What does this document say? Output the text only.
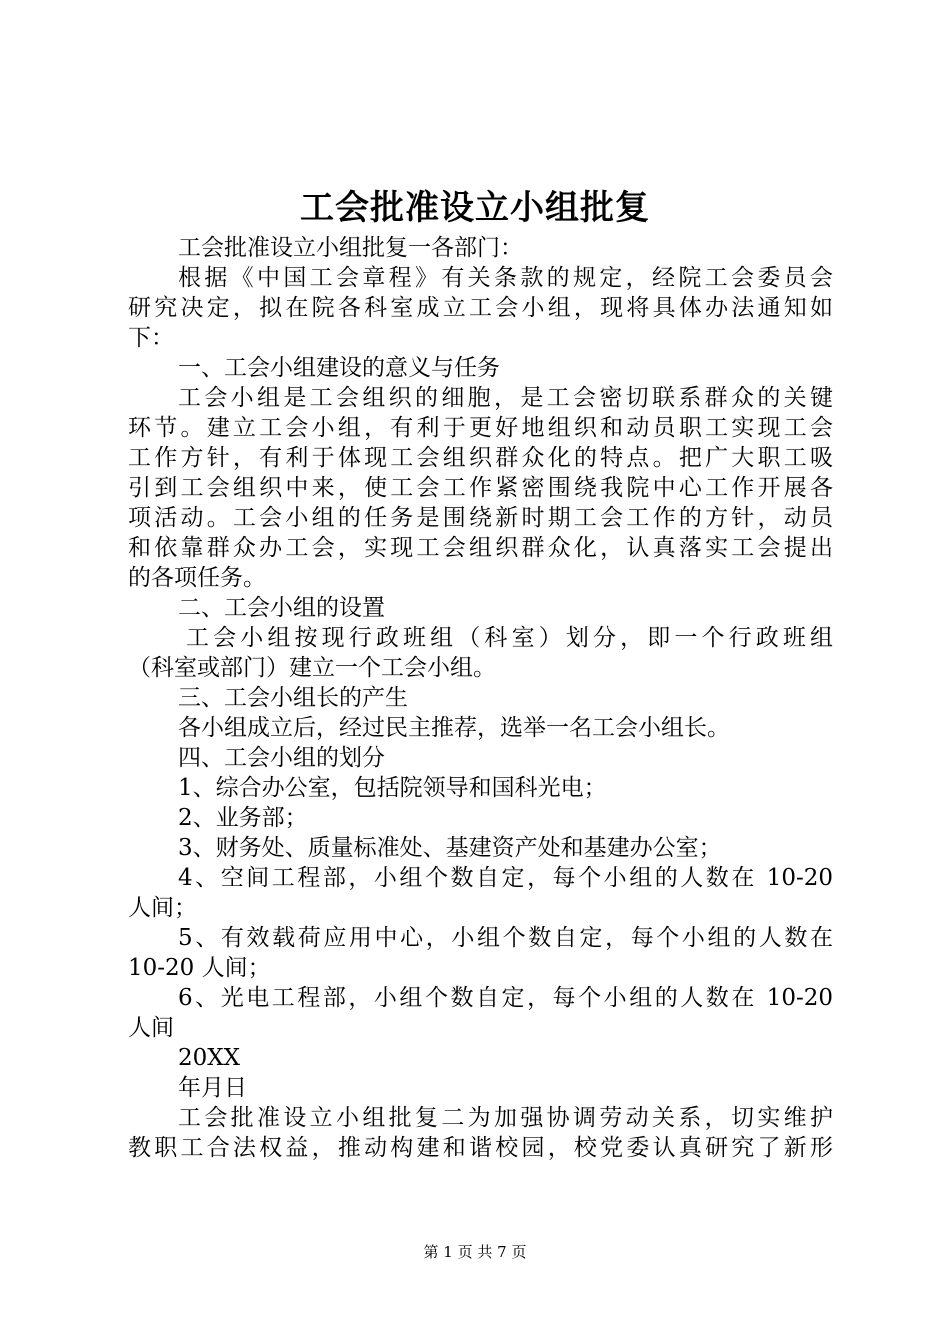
工会批准设立小组批复
工会批准设立小组批复一各部门：
根据《中国工会章程》有关条款的规定，经院工会委员会
研究决定，拟在院各科室成立工会小组，现将具体办法通知如
下：
一、工会小组建设的意义与任务
工会小组是工会组织的细胞，是工会密切联系群众的关键
环节。建立工会小组，有利于更好地组织和动员职工实现工会
工作方针，有利于体现工会组织群众化的特点。把广大职工吸
引到工会组织中来，使工会工作紧密围绕我院中心工作开展各
项活动。工会小组的任务是围绕新时期工会工作的方针，动员
和依靠群众办工会，实现工会组织群众化，认真落实工会提出
的各项任务。
二、工会小组的设置
工会小组按现行政班组（科室）划分，即一个行政班组
（科室或部门）建立一个工会小组。
三、工会小组长的产生
各小组成立后，经过民主推荐，选举一名工会小组长。
四、工会小组的划分
1、综合办公室，包括院领导和国科光电；
2、业务部；
3、财务处、质量标准处、基建资产处和基建办公室；
4、空间工程部，小组个数自定，每个小组的人数在 10-20
人间；
5、有效载荷应用中心，小组个数自定，每个小组的人数在
10-20 人间；
6、光电工程部，小组个数自定，每个小组的人数在 10-20
人间
20XX
年月日
工会批准设立小组批复二为加强协调劳动关系，切实维护
教职工合法权益，推动构建和谐校园，校党委认真研究了新形
第 1 页 共 7 页
